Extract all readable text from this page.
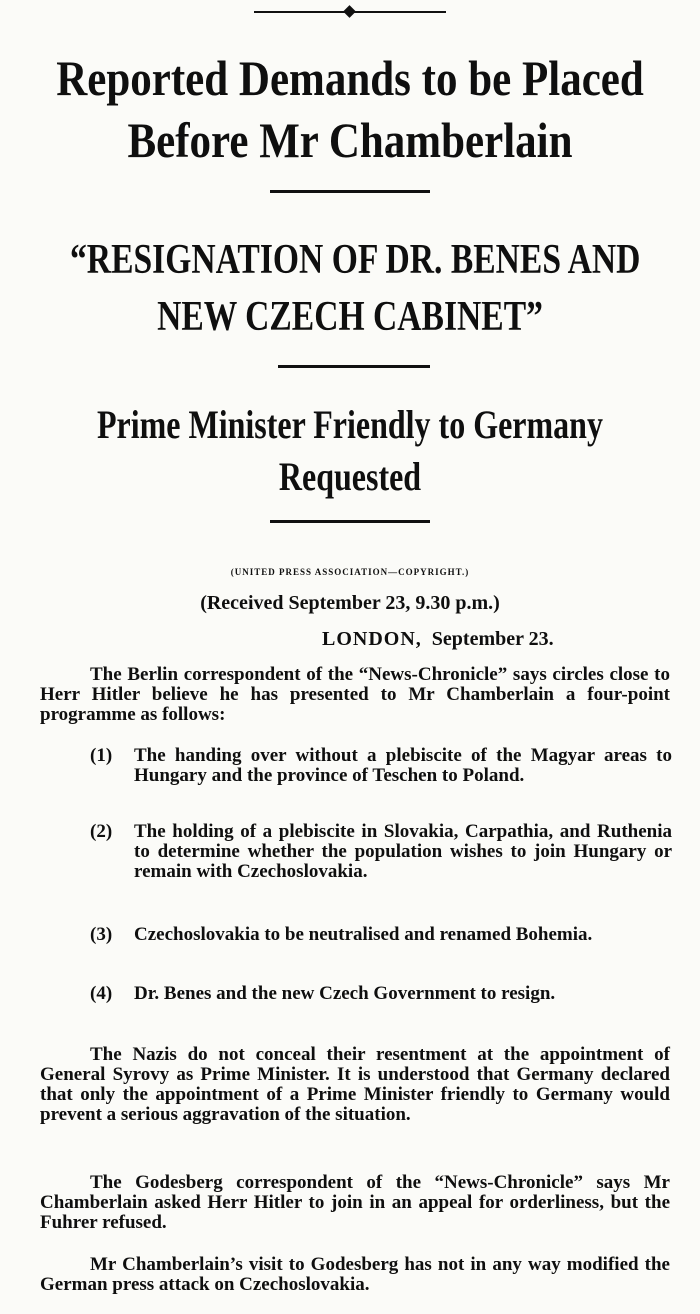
Reported Demands to be Placed
Before Mr Chamberlain
“RESIGNATION OF DR. BENES AND
NEW CZECH CABINET”
Prime Minister Friendly to Germany
Requested

(UNITED PRESS ASSOCIATION—COPYRIGHT.)

(Received September 23, 9.30 p.m.)

LONDON, September 23.

The Berlin correspondent of the “News-Chronicle” says circles close to Herr Hitler believe he has presented to Mr Chamberlain a four-point programme as follows:

(1) The handing over without a plebiscite of the Magyar areas to Hungary and the province of Teschen to Poland.
(2) The holding of a plebiscite in Slovakia, Carpathia, and Ruthenia to determine whether the population wishes to join Hungary or remain with Czechoslovakia.
(3) Czechoslovakia to be neutralised and renamed Bohemia.
(4) Dr. Benes and the new Czech Government to resign.

The Nazis do not conceal their resentment at the appointment of General Syrovy as Prime Minister. It is understood that Germany declared that only the appointment of a Prime Minister friendly to Germany would prevent a serious aggravation of the situation.

The Godesberg correspondent of the “News-Chronicle” says Mr Chamberlain asked Herr Hitler to join in an appeal for orderliness, but the Fuhrer refused.

Mr Chamberlain’s visit to Godesberg has not in any way modified the German press attack on Czechoslovakia.
